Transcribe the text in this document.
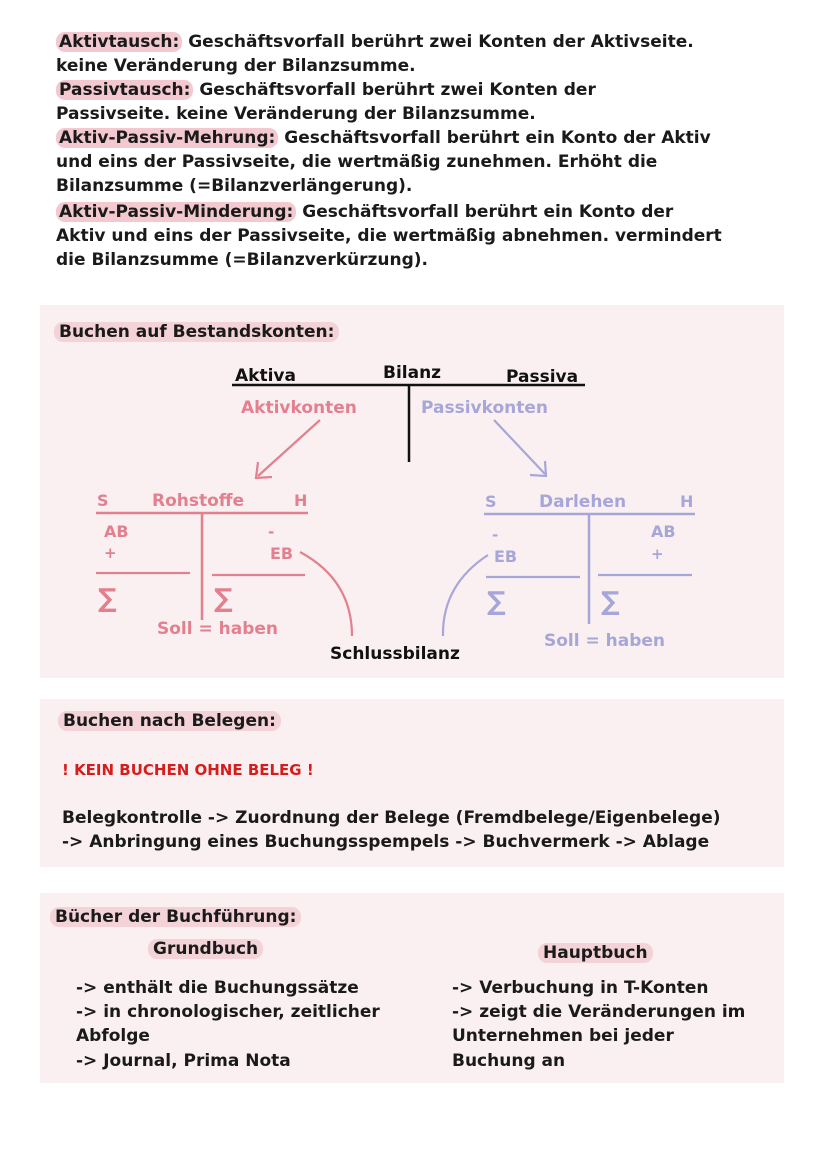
Aktivtausch: Geschäftsvorfall berührt zwei Konten der Aktivseite.
keine Veränderung der Bilanzsumme.
Passivtausch: Geschäftsvorfall berührt zwei Konten der
Passivseite. keine Veränderung der Bilanzsumme.
Aktiv-Passiv-Mehrung: Geschäftsvorfall berührt ein Konto der Aktiv
und eins der Passivseite, die wertmäßig zunehmen. Erhöht die
Bilanzsumme (=Bilanzverlängerung).
Aktiv-Passiv-Minderung: Geschäftsvorfall berührt ein Konto der
Aktiv und eins der Passivseite, die wertmäßig abnehmen. vermindert
die Bilanzsumme (=Bilanzverkürzung).
Buchen auf Bestandskonten:
Aktiva	Bilanz	Passiva
Aktivkonten	Passivkonten
S	Rohstoffe	H
AB
+
-
EB
∑	∑
Soll = haben
S Darlehen	H
-
EB
AB
+
∑	∑
Soll = haben
Schlussbilanz
Buchen nach Belegen:
! KEIN BUCHEN OHNE BELEG !
Belegkontrolle -> Zuordnung der Belege (Fremdbelege/Eigenbelege)
-> Anbringung eines Buchungsspempels -> Buchvermerk -> Ablage
Bücher der Buchführung:
Grundbuch
-> enthält die Buchungssätze
-> in chronologischer, zeitlicher
Abfolge
-> Journal, Prima Nota
Hauptbuch
-> Verbuchung in T-Konten
-> zeigt die Veränderungen im
Unternehmen bei jeder
Buchung an
